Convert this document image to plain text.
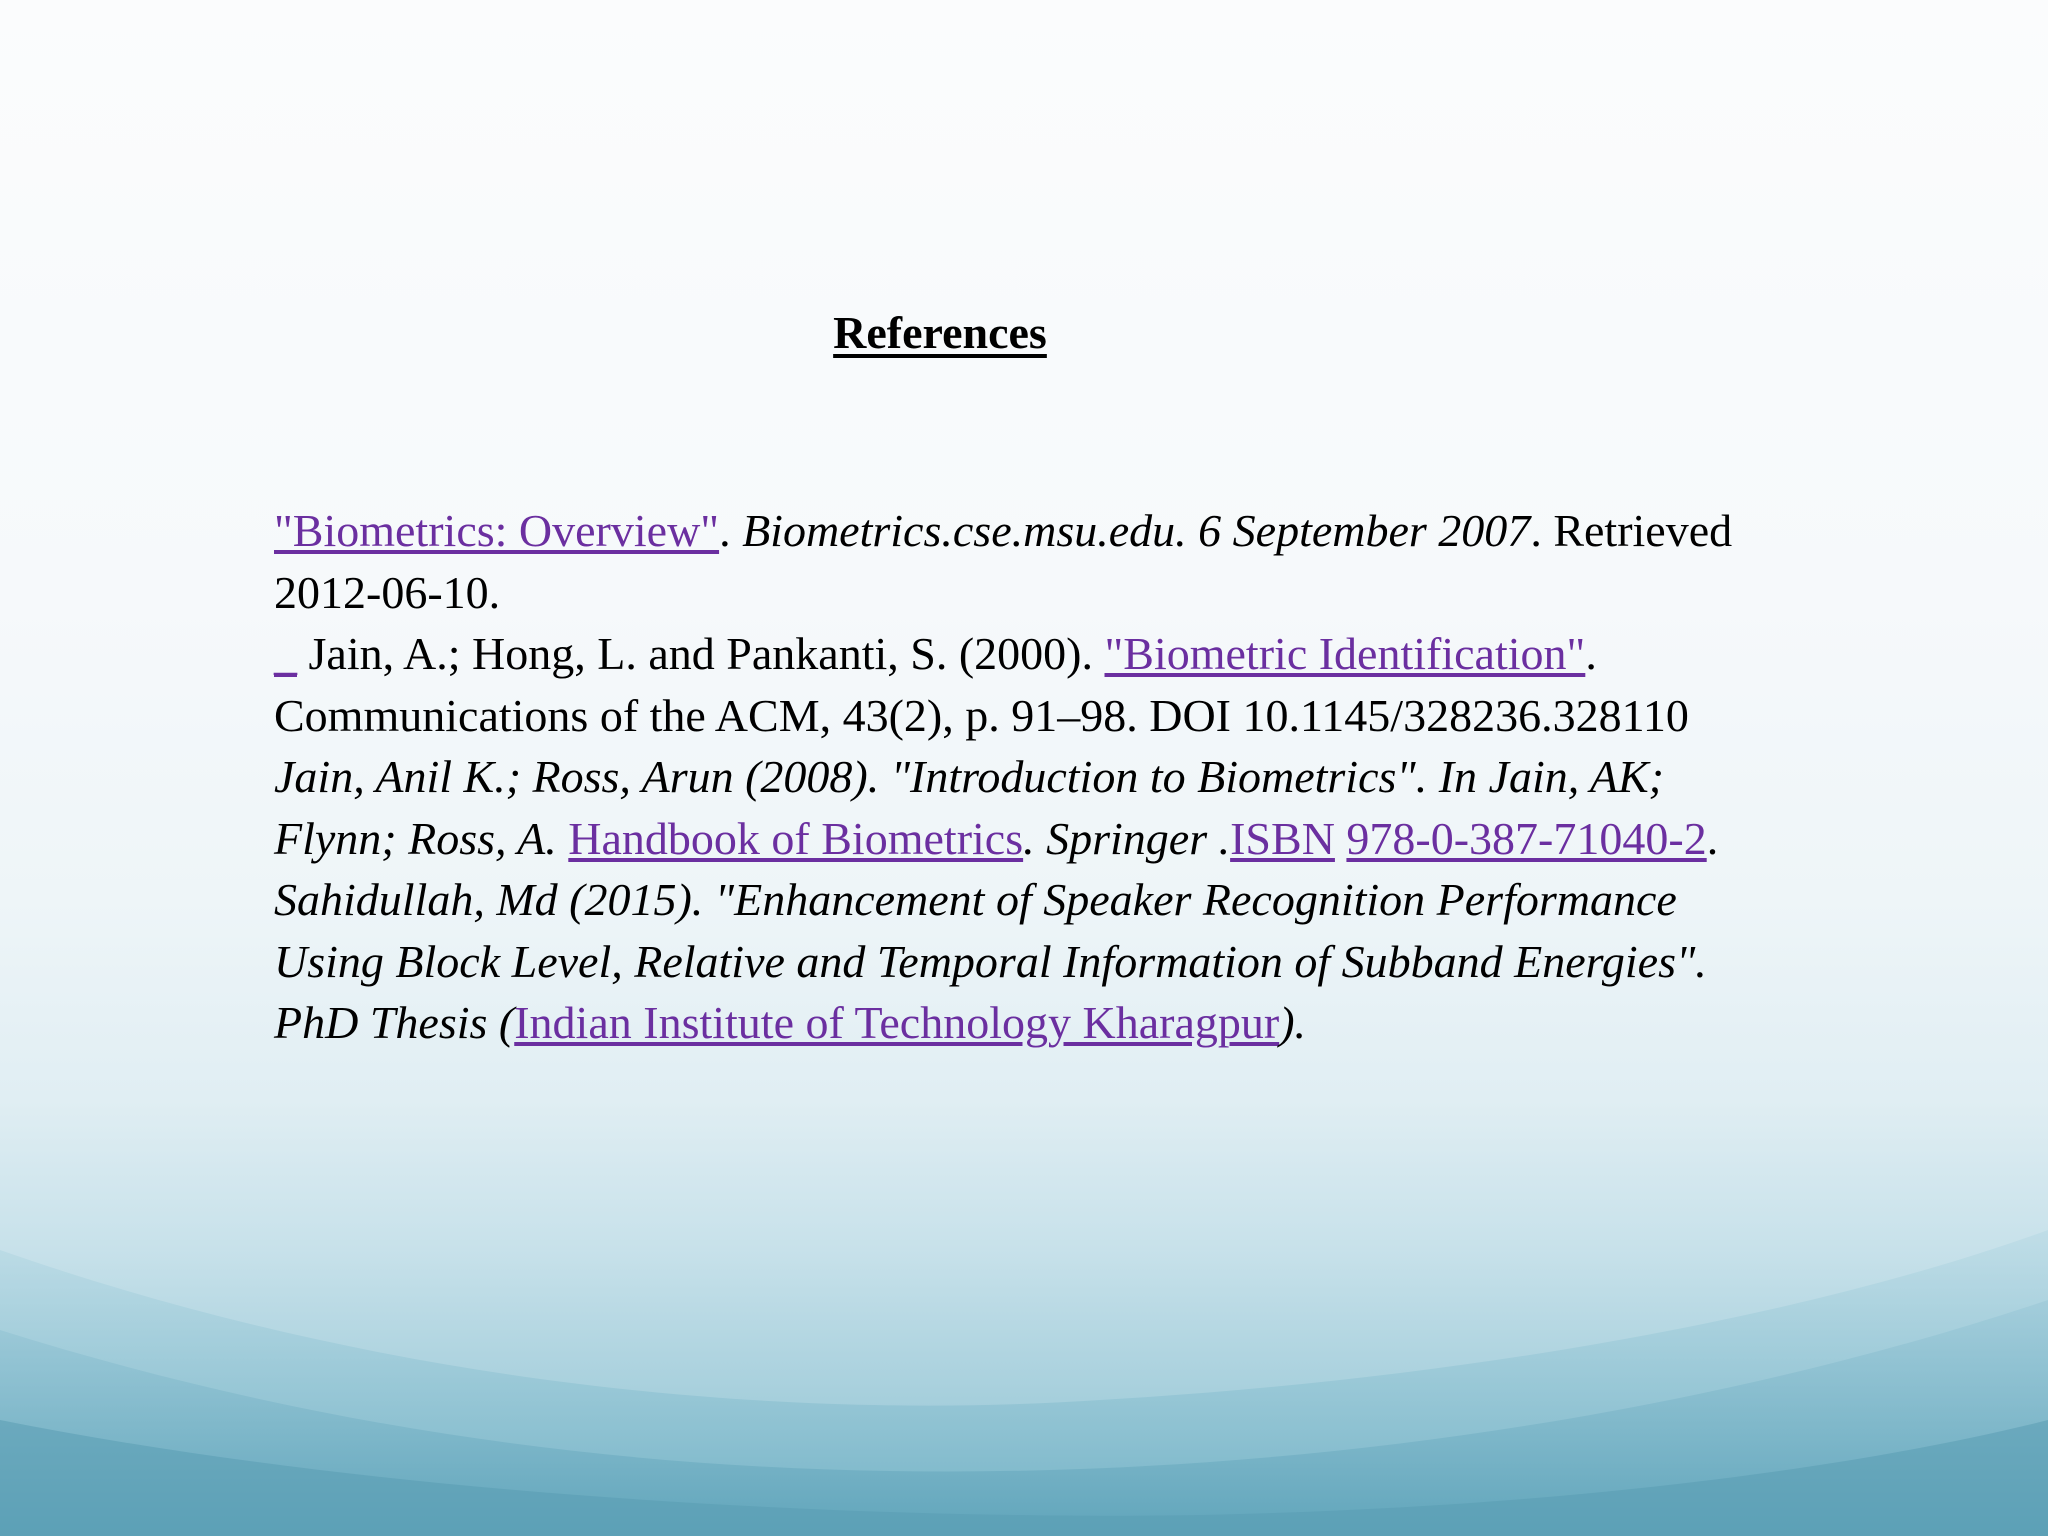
References

"Biometrics: Overview". Biometrics.cse.msu.edu. 6 September 2007. Retrieved 2012-06-10.

_ Jain, A.; Hong, L. and Pankanti, S. (2000). "Biometric Identification". Communications of the ACM, 43(2), p. 91–98. DOI 10.1145/328236.328110

Jain, Anil K.; Ross, Arun (2008). "Introduction to Biometrics". In Jain, AK; Flynn; Ross, A. Handbook of Biometrics. Springer .ISBN 978-0-387-71040-2.

Sahidullah, Md (2015). "Enhancement of Speaker Recognition Performance Using Block Level, Relative and Temporal Information of Subband Energies". PhD Thesis (Indian Institute of Technology Kharagpur).
